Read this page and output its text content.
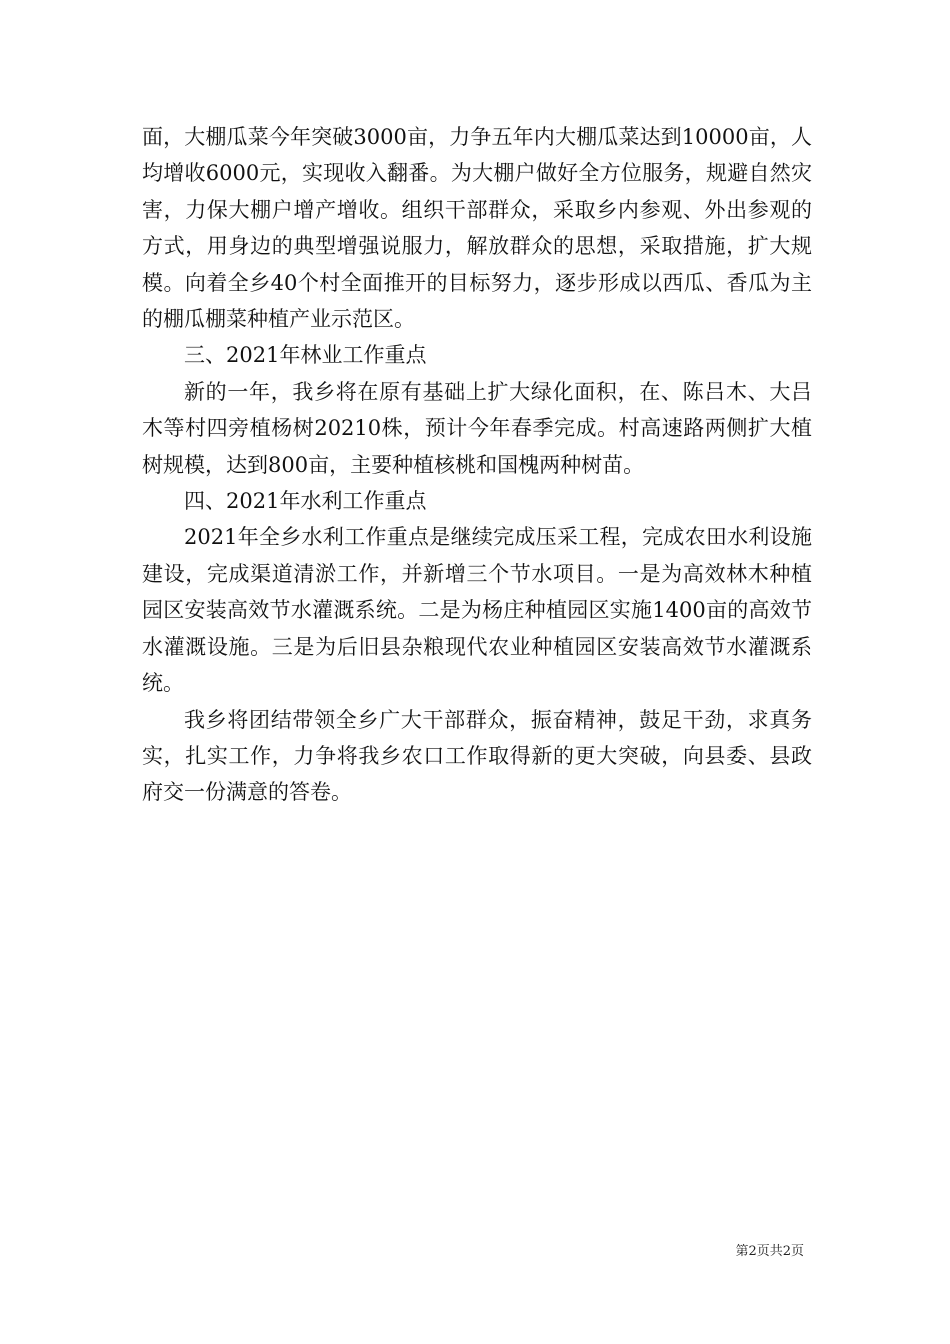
面，大棚瓜菜今年突破3000亩，力争五年内大棚瓜菜达到10000亩，人均增收6000元，实现收入翻番。为大棚户做好全方位服务，规避自然灾害，力保大棚户增产增收。组织干部群众，采取乡内参观、外出参观的方式，用身边的典型增强说服力，解放群众的思想，采取措施，扩大规模。向着全乡40个村全面推开的目标努力，逐步形成以西瓜、香瓜为主的棚瓜棚菜种植产业示范区。

三、2021年林业工作重点

新的一年，我乡将在原有基础上扩大绿化面积，在、陈吕木、大吕木等村四旁植杨树20210株，预计今年春季完成。村高速路两侧扩大植树规模，达到800亩，主要种植核桃和国槐两种树苗。

四、2021年水利工作重点

2021年全乡水利工作重点是继续完成压采工程，完成农田水利设施建设，完成渠道清淤工作，并新增三个节水项目。一是为高效林木种植园区安装高效节水灌溉系统。二是为杨庄种植园区实施1400亩的高效节水灌溉设施。三是为后旧县杂粮现代农业种植园区安装高效节水灌溉系统。

我乡将团结带领全乡广大干部群众，振奋精神，鼓足干劲，求真务实，扎实工作，力争将我乡农口工作取得新的更大突破，向县委、县政府交一份满意的答卷。

第2页共2页
